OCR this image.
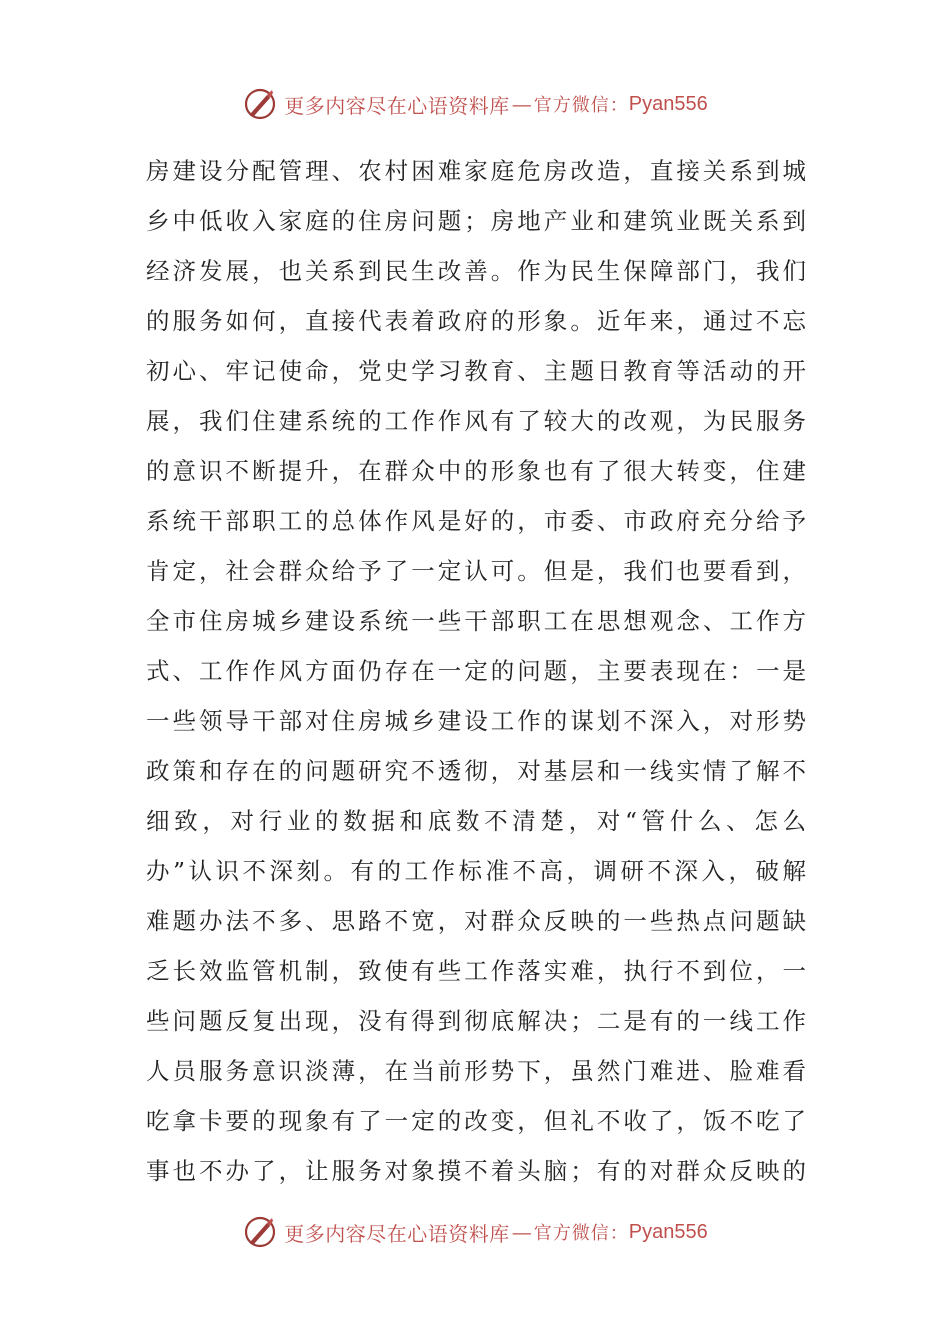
更多内容尽在心语资料库 — 官方微信： Pyan556
房建设分配管理、农村困难家庭危房改造，直接关系到城
乡中低收入家庭的住房问题；房地产业和建筑业既关系到
经济发展，也关系到民生改善。作为民生保障部门，我们
的服务如何，直接代表着政府的形象。近年来，通过不忘
初心、牢记使命，党史学习教育、主题日教育等活动的开
展，我们住建系统的工作作风有了较大的改观，为民服务
的意识不断提升，在群众中的形象也有了很大转变，住建
系统干部职工的总体作风是好的，市委、市政府充分给予
肯定，社会群众给予了一定认可。但是，我们也要看到，
全市住房城乡建设系统一些干部职工在思想观念、工作方
式、工作作风方面仍存在一定的问题，主要表现在：一是
一些领导干部对住房城乡建设工作的谋划不深入，对形势
政策和存在的问题研究不透彻，对基层和一线实情了解不
细致，对行业的数据和底数不清楚，对“管什么、怎么
办”认识不深刻。有的工作标准不高，调研不深入，破解
难题办法不多、思路不宽，对群众反映的一些热点问题缺
乏长效监管机制，致使有些工作落实难，执行不到位，一
些问题反复出现，没有得到彻底解决；二是有的一线工作
人员服务意识淡薄，在当前形势下，虽然门难进、脸难看
吃拿卡要的现象有了一定的改变，但礼不收了，饭不吃了
事也不办了，让服务对象摸不着头脑；有的对群众反映的
更多内容尽在心语资料库 — 官方微信： Pyan556
